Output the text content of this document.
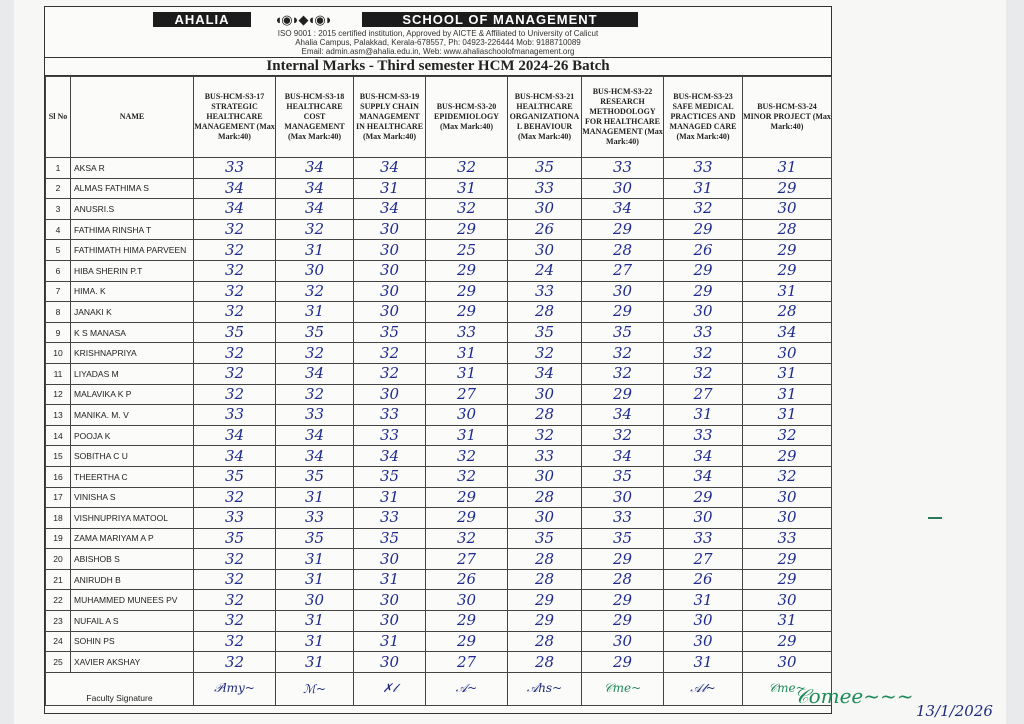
AHALIA	◖◉◗◆◖◉◗	SCHOOL OF MANAGEMENT
ISO 9001 : 2015 certified institution, Approved by AICTE & Affiliated to University of Calicut
Ahalia Campus, Palakkad, Kerala-678557, Ph: 04923-226444 Mob: 9188710089
Email: admin.asm@ahalia.edu.in, Web: www.ahaliaschoolofmanagement.org
Internal Marks - Third semester HCM 2024-26 Batch
Sl No	NAME	BUS-HCM-S3-17 STRATEGIC HEALTHCARE MANAGEMENT (Max Mark:40)	BUS-HCM-S3-18 HEALTHCARE COST MANAGEMENT (Max Mark:40)	BUS-HCM-S3-19 SUPPLY CHAIN MANAGEMENT IN HEALTHCARE (Max Mark:40)	BUS-HCM-S3-20 EPIDEMIOLOGY (Max Mark:40)	BUS-HCM-S3-21 HEALTHCARE ORGANIZATIONA L BEHAVIOUR (Max Mark:40)	BUS-HCM-S3-22 RESEARCH METHODOLOGY FOR HEALTHCARE MANAGEMENT (Max Mark:40)	BUS-HCM-S3-23 SAFE MEDICAL PRACTICES AND MANAGED CARE (Max Mark:40)	BUS-HCM-S3-24 MINOR PROJECT (Max Mark:40)
1	AKSA R	33	34	34	32	35	33	33	31
2	ALMAS FATHIMA S	34	34	31	31	33	30	31	29
3	ANUSRI.S	34	34	34	32	30	34	32	30
4	FATHIMA RINSHA T	32	32	30	29	26	29	29	28
5	FATHIMATH HIMA PARVEEN	32	31	30	25	30	28	26	29
6	HIBA SHERIN P.T	32	30	30	29	24	27	29	29
7	HIMA. K	32	32	30	29	33	30	29	31
8	JANAKI K	32	31	30	29	28	29	30	28
9	K S MANASA	35	35	35	33	35	35	33	34
10	KRISHNAPRIYA	32	32	32	31	32	32	32	30
11	LIYADAS M	32	34	32	31	34	32	32	31
12	MALAVIKA K P	32	32	30	27	30	29	27	31
13	MANIKA. M. V	33	33	33	30	28	34	31	31
14	POOJA K	34	34	33	31	32	32	33	32
15	SOBITHA C U	34	34	34	32	33	34	34	29
16	THEERTHA C	35	35	35	32	30	35	34	32
17	VINISHA S	32	31	31	29	28	30	29	30
18	VISHNUPRIYA MATOOL	33	33	33	29	30	33	30	30
19	ZAMA MARIYAM A P	35	35	35	32	35	35	33	33
20	ABISHOB S	32	31	30	27	28	29	27	29
21	ANIRUDH B	32	31	31	26	28	28	26	29
22	MUHAMMED MUNEES PV	32	30	30	30	29	29	31	30
23	NUFAIL A S	32	31	30	29	29	29	30	31
24	SOHIN PS	32	31	31	29	28	30	30	29
25	XAVIER AKSHAY	32	31	30	27	28	29	31	30
Faculty Signature		𝒫lmy~	ℳ~	✗𝓁	𝒜~	𝒜hs~	𝒞me~	𝒜𝓁~	𝒞me~
𝒞omee~~~
13/1/2026
